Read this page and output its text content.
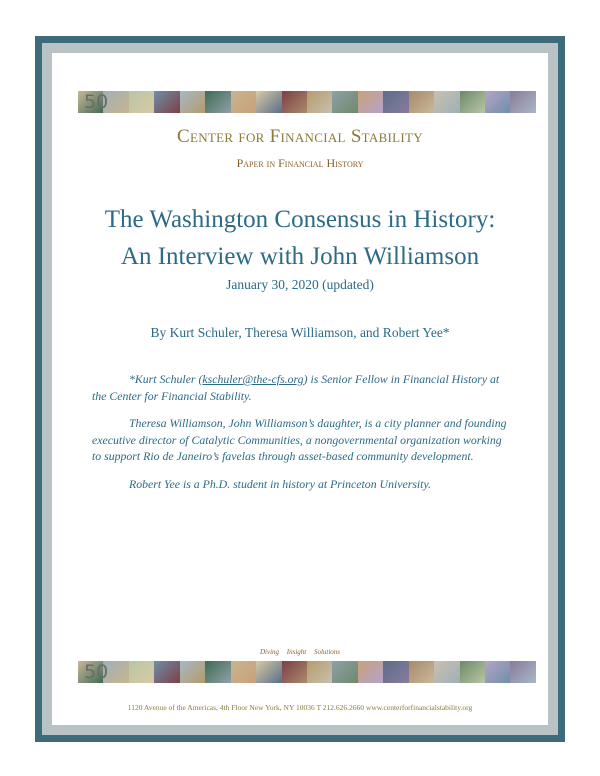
50
Center for Financial Stability
Paper in Financial History
The Washington Consensus in History:
An Interview with John Williamson
January 30, 2020 (updated)
By Kurt Schuler, Theresa Williamson, and Robert Yee*

*Kurt Schuler (kschuler@the-cfs.org) is Senior Fellow in Financial History at the Center for Financial Stability.

Theresa Williamson, John Williamson’s daughter, is a city planner and founding executive director of Catalytic Communities, a nongovernmental organization working to support Rio de Janeiro’s favelas through asset-based community development.

Robert Yee is a Ph.D. student in history at Princeton University.

Diving Insight Solutions
50
1120 Avenue of the Americas, 4th Floor New York, NY 10036 T 212.626.2660 www.centerforfinancialstability.org
